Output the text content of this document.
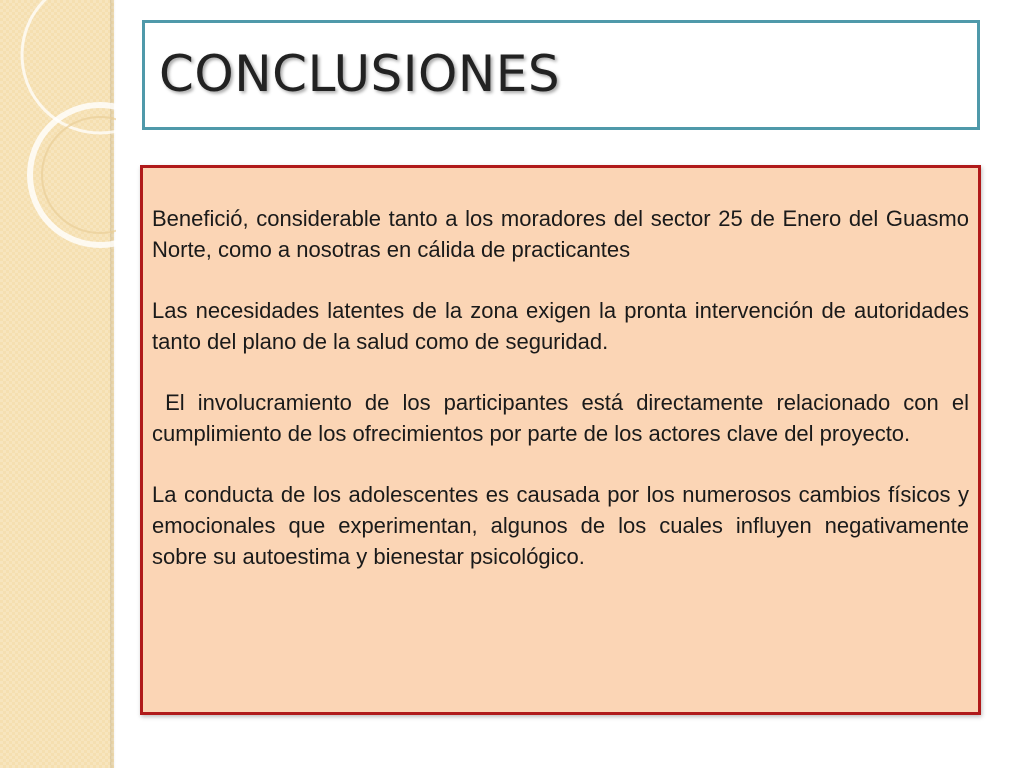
CONCLUSIONES

Benefició, considerable tanto a los moradores del sector 25 de Enero del Guasmo Norte, como a nosotras en cálida de practicantes

Las necesidades latentes de la zona exigen la pronta intervención de autoridades tanto del plano de la salud como de seguridad.

El involucramiento de los participantes está directamente relacionado con el cumplimiento de los ofrecimientos por parte de los actores clave del proyecto.

La conducta de los adolescentes es causada por los numerosos cambios físicos y emocionales que experimentan, algunos de los cuales influyen negativamente sobre su autoestima y bienestar psicológico.
